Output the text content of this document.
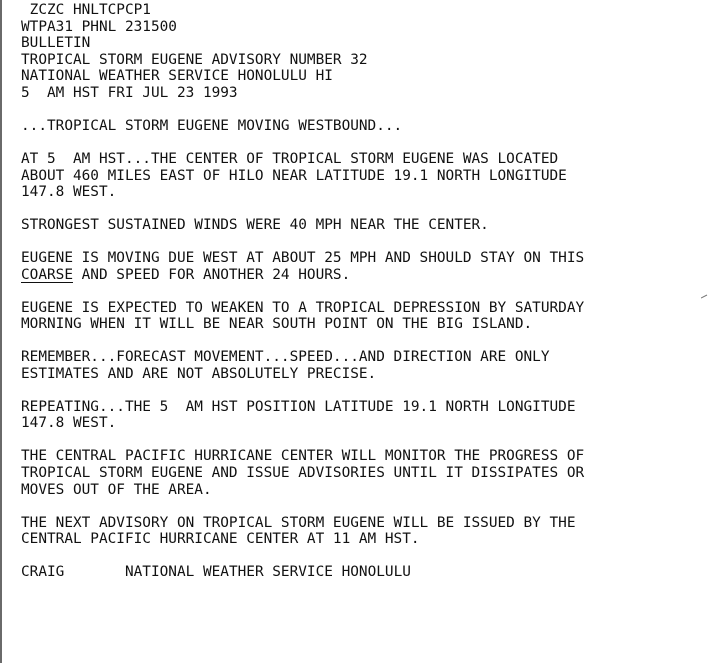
ZCZC HNLTCPCP1
WTPA31 PHNL 231500
BULLETIN
TROPICAL STORM EUGENE ADVISORY NUMBER 32
NATIONAL WEATHER SERVICE HONOLULU HI
5  AM HST FRI JUL 23 1993
...TROPICAL STORM EUGENE MOVING WESTBOUND...
AT 5  AM HST...THE CENTER OF TROPICAL STORM EUGENE WAS LOCATED
ABOUT 460 MILES EAST OF HILO NEAR LATITUDE 19.1 NORTH LONGITUDE
147.8 WEST.
STRONGEST SUSTAINED WINDS WERE 40 MPH NEAR THE CENTER.
EUGENE IS MOVING DUE WEST AT ABOUT 25 MPH AND SHOULD STAY ON THIS
COARSE AND SPEED FOR ANOTHER 24 HOURS.
EUGENE IS EXPECTED TO WEAKEN TO A TROPICAL DEPRESSION BY SATURDAY
MORNING WHEN IT WILL BE NEAR SOUTH POINT ON THE BIG ISLAND.
REMEMBER...FORECAST MOVEMENT...SPEED...AND DIRECTION ARE ONLY
ESTIMATES AND ARE NOT ABSOLUTELY PRECISE.
REPEATING...THE 5  AM HST POSITION LATITUDE 19.1 NORTH LONGITUDE
147.8 WEST.
THE CENTRAL PACIFIC HURRICANE CENTER WILL MONITOR THE PROGRESS OF
TROPICAL STORM EUGENE AND ISSUE ADVISORIES UNTIL IT DISSIPATES OR
MOVES OUT OF THE AREA.
THE NEXT ADVISORY ON TROPICAL STORM EUGENE WILL BE ISSUED BY THE
CENTRAL PACIFIC HURRICANE CENTER AT 11 AM HST.
CRAIG	NATIONAL WEATHER SERVICE HONOLULU
